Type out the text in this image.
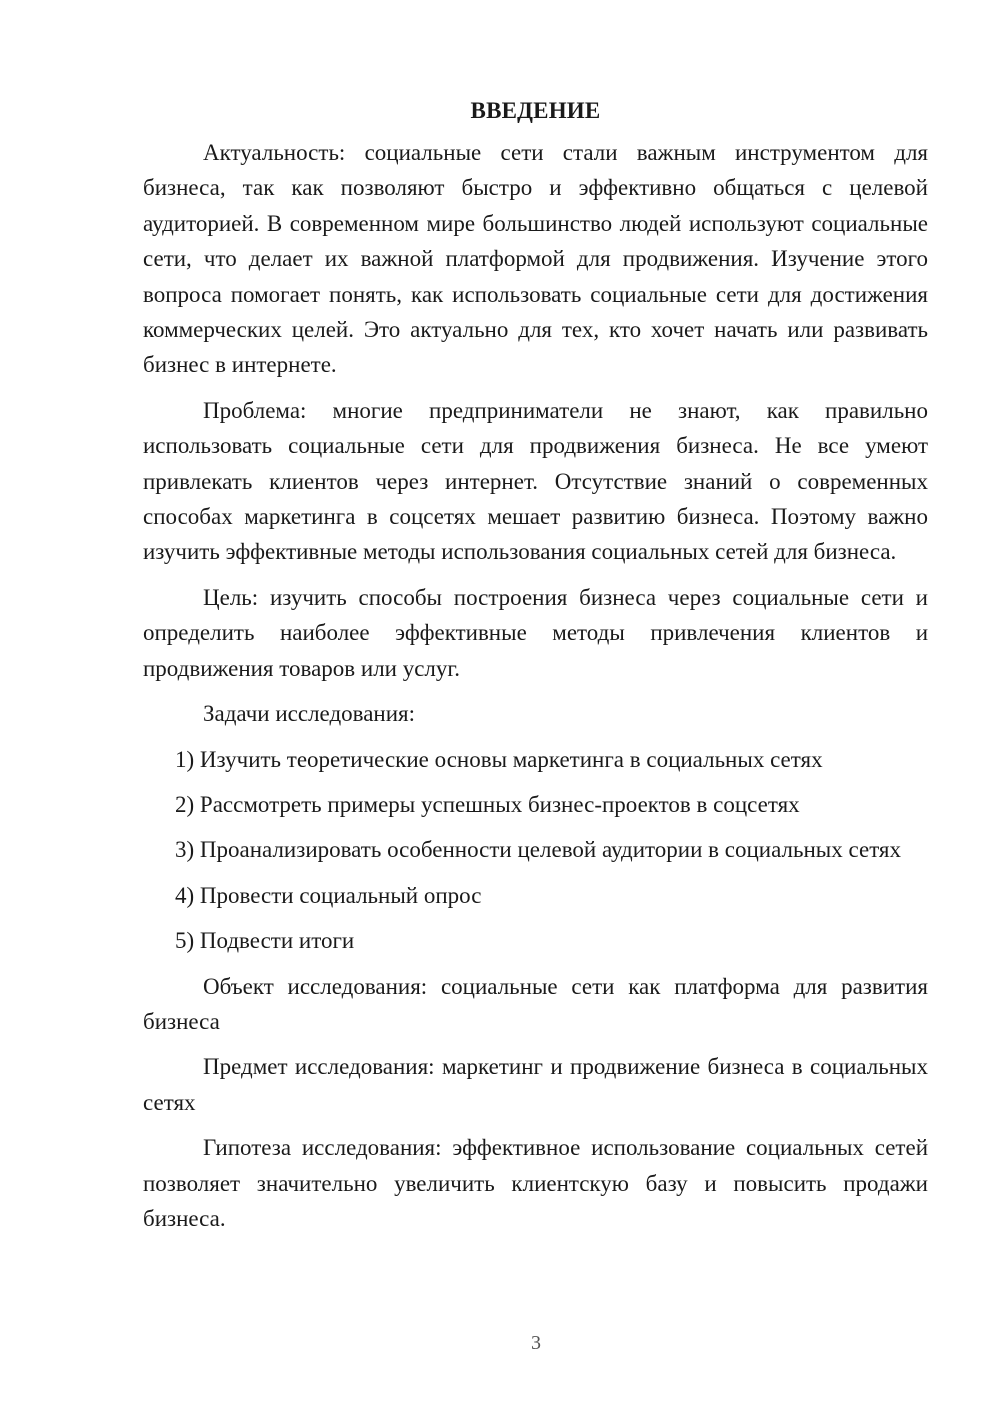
ВВЕДЕНИЕ

Актуальность: социальные сети стали важным инструментом для бизнеса, так как позволяют быстро и эффективно общаться с целевой аудиторией. В современном мире большинство людей используют социальные сети, что делает их важной платформой для продвижения. Изучение этого вопроса помогает понять, как использовать социальные сети для достижения коммерческих целей. Это актуально для тех, кто хочет начать или развивать бизнес в интернете.

Проблема: многие предприниматели не знают, как правильно использовать социальные сети для продвижения бизнеса. Не все умеют привлекать клиентов через интернет. Отсутствие знаний о современных способах маркетинга в соцсетях мешает развитию бизнеса. Поэтому важно изучить эффективные методы использования социальных сетей для бизнеса.

Цель: изучить способы построения бизнеса через социальные сети и определить наиболее эффективные методы привлечения клиентов и продвижения товаров или услуг.

Задачи исследования:

1) Изучить теоретические основы маркетинга в социальных сетях

2) Рассмотреть примеры успешных бизнес-проектов в соцсетях

3) Проанализировать особенности целевой аудитории в социальных сетях

4) Провести социальный опрос

5) Подвести итоги

Объект исследования: социальные сети как платформа для развития бизнеса

Предмет исследования: маркетинг и продвижение бизнеса в социальных сетях

Гипотеза исследования: эффективное использование социальных сетей позволяет значительно увеличить клиентскую базу и повысить продажи бизнеса.

3
